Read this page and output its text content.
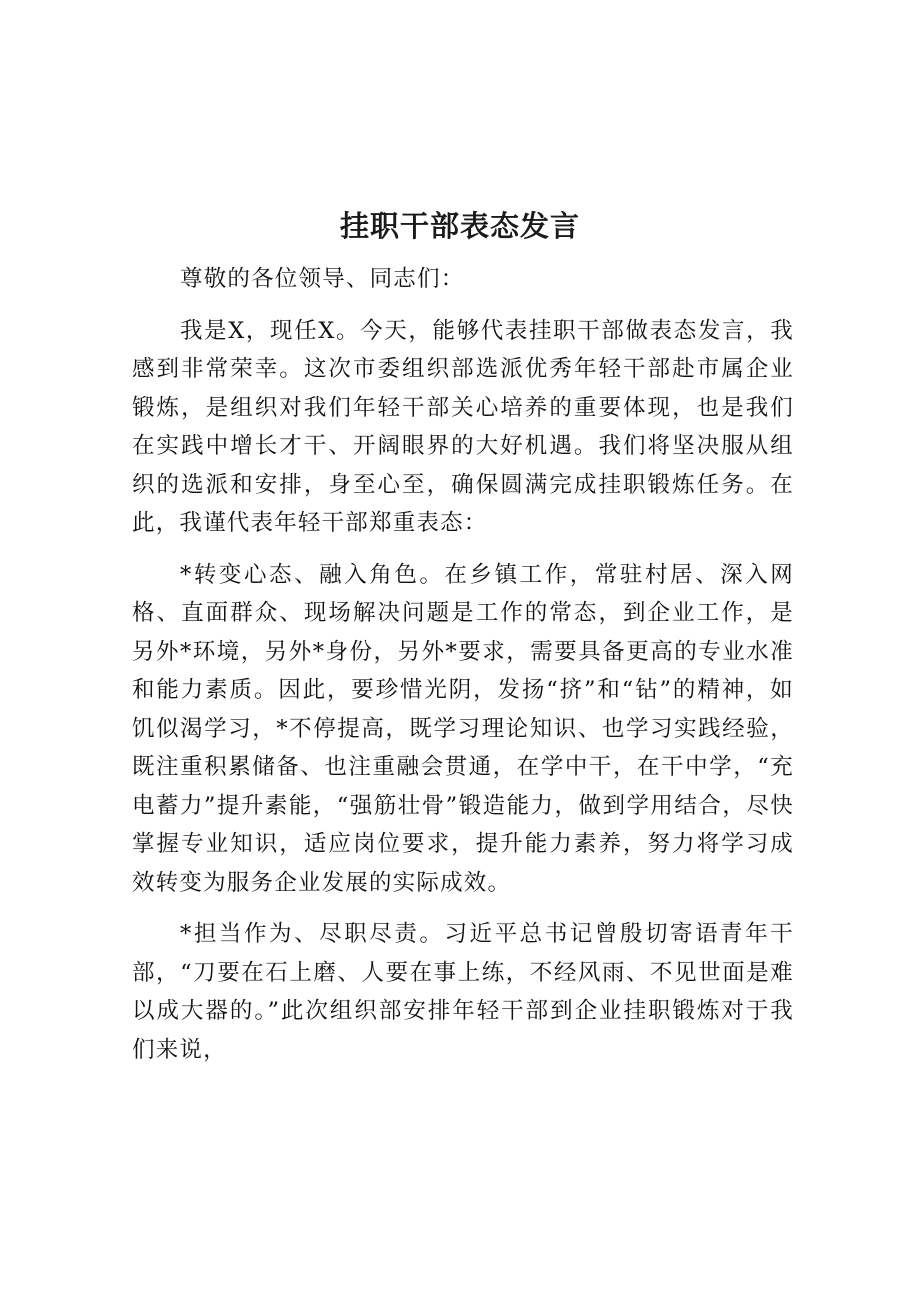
挂职干部表态发言

尊敬的各位领导、同志们：

我是X，现任X。今天，能够代表挂职干部做表态发言，我感到非常荣幸。这次市委组织部选派优秀年轻干部赴市属企业锻炼，是组织对我们年轻干部关心培养的重要体现，也是我们在实践中增长才干、开阔眼界的大好机遇。我们将坚决服从组织的选派和安排，身至心至，确保圆满完成挂职锻炼任务。在此，我谨代表年轻干部郑重表态：

*转变心态、融入角色。在乡镇工作，常驻村居、深入网格、直面群众、现场解决问题是工作的常态，到企业工作，是另外*环境，另外*身份，另外*要求，需要具备更高的专业水准和能力素质。因此，要珍惜光阴，发扬“挤”和“钻”的精神，如饥似渴学习，*不停提高，既学习理论知识、也学习实践经验，既注重积累储备、也注重融会贯通，在学中干，在干中学，“充电蓄力”提升素能，“强筋壮骨”锻造能力，做到学用结合，尽快掌握专业知识，适应岗位要求，提升能力素养，努力将学习成效转变为服务企业发展的实际成效。

*担当作为、尽职尽责。习近平总书记曾殷切寄语青年干部，“刀要在石上磨、人要在事上练，不经风雨、不见世面是难以成大器的。”此次组织部安排年轻干部到企业挂职锻炼对于我们来说，
